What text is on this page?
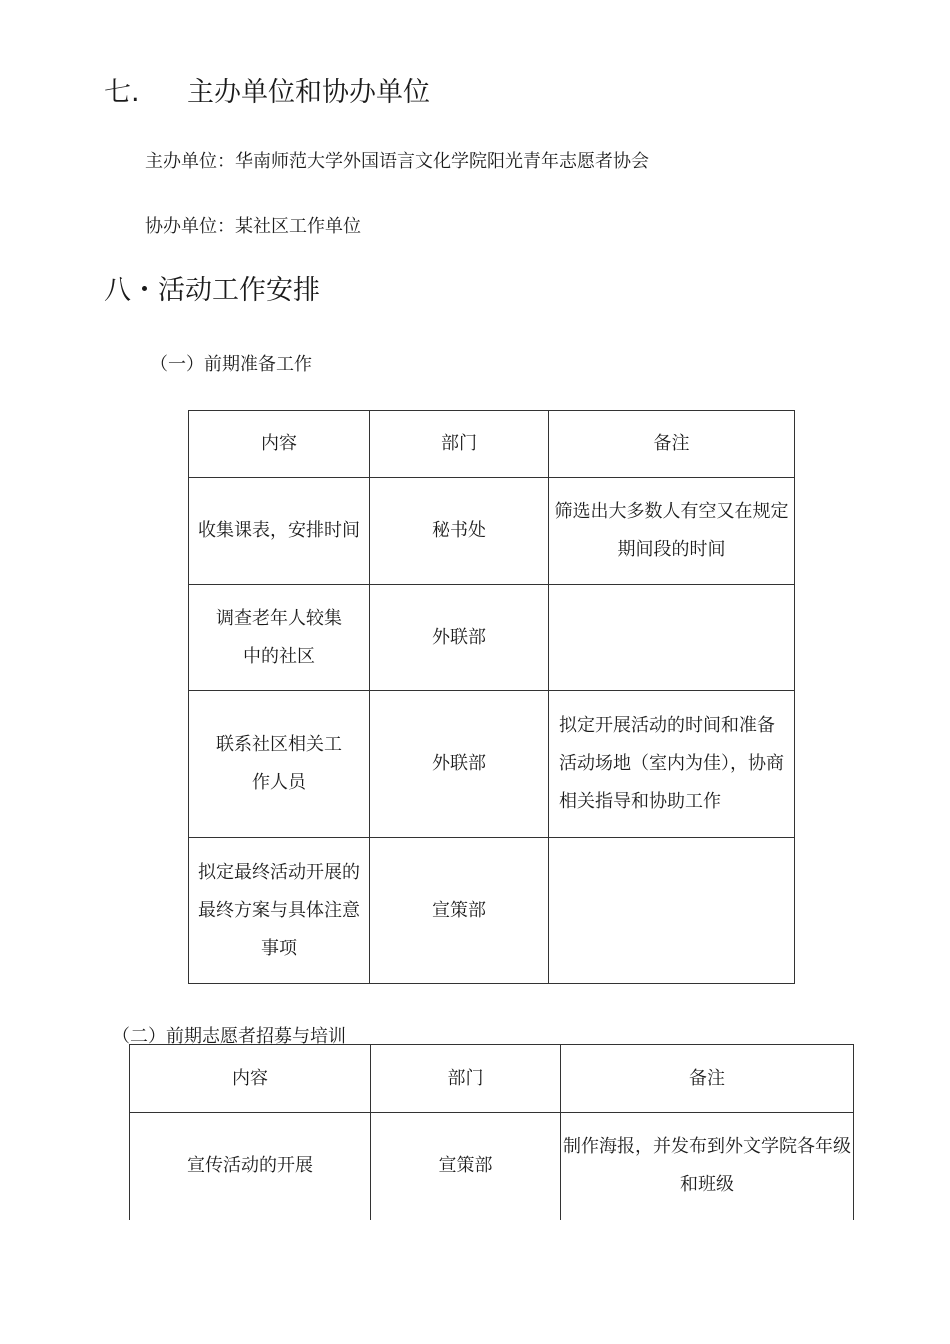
七. 主办单位和协办单位
主办单位：华南师范大学外国语言文化学院阳光青年志愿者协会
协办单位：某社区工作单位
八・活动工作安排
（一）前期准备工作
内容	部门	备注
收集课表，安排时间	秘书处	筛选出大多数人有空又在规定期间段的时间
调查老年人较集中的社区	外联部	
联系社区相关工作人员	外联部	拟定开展活动的时间和准备活动场地（室内为佳），协商相关指导和协助工作
拟定最终活动开展的最终方案与具体注意事项	宣策部	
（二）前期志愿者招募与培训
内容	部门	备注
宣传活动的开展	宣策部	制作海报，并发布到外文学院各年级和班级
